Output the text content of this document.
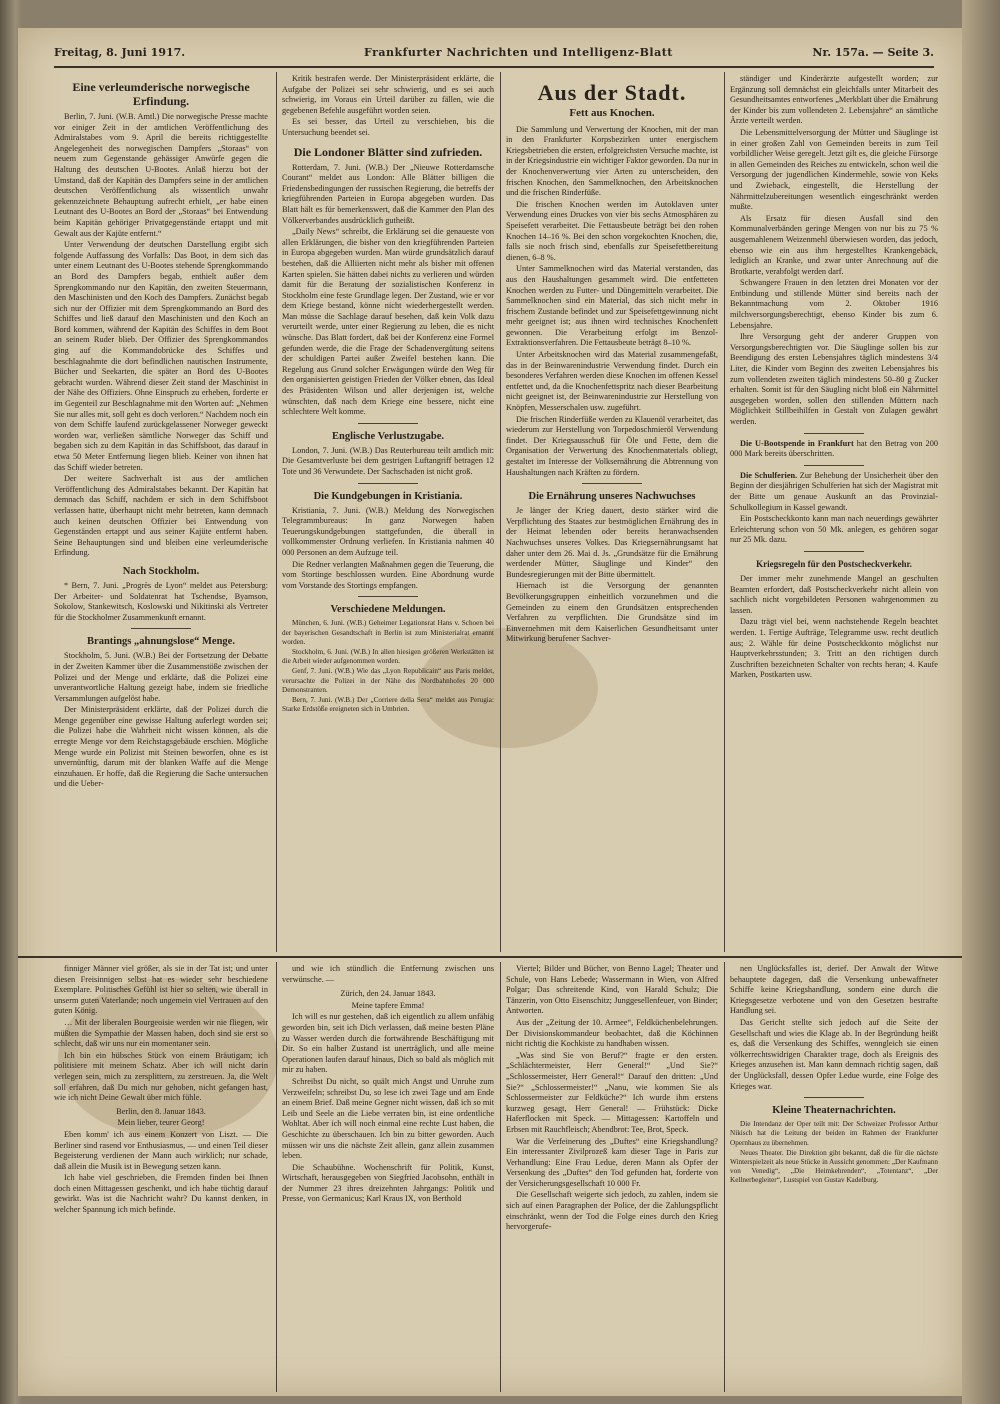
Freitag, 8. Juni 1917.	Frankfurter Nachrichten und Intelligenz-Blatt	Nr. 157a. — Seite 3.
Eine verleumderische norwegische Erfindung.

Berlin, 7. Juni. (W.B. Amtl.) Die norwegische Presse machte vor einiger Zeit in der amtlichen Veröffentlichung des Admiralstabes vom 9. April die bereits richtiggestellte Angelegenheit des norwegischen Dampfers „Storaas“ von neuem zum Gegenstande gehässiger Anwürfe gegen die Haltung des deutschen U-Bootes. Anlaß hierzu bot der Umstand, daß der Kapitän des Dampfers seine in der amtlichen deutschen Veröffentlichung als wissentlich unwahr gekennzeichnete Behauptung aufrecht erhielt, „er habe einen Leutnant des U-Bootes an Bord der „Storaas“ bei Entwendung beim Kapitän gehöriger Privatgegenstände ertappt und mit Gewalt aus der Kajüte entfernt.“

Unter Verwendung der deutschen Darstellung ergibt sich folgende Auffassung des Vorfalls: Das Boot, in dem sich das unter einem Leutnant des U-Bootes stehende Sprengkommando an Bord des Dampfers begab, enthielt außer dem Sprengkommando nur den Kapitän, den zweiten Steuermann, den Maschinisten und den Koch des Dampfers. Zunächst begab sich nur der Offizier mit dem Sprengkommando an Bord des Schiffes und ließ darauf den Maschinisten und den Koch an Bord kommen, während der Kapitän des Schiffes in dem Boot an seinem Ruder blieb. Der Offizier des Sprengkommandos ging auf die Kommandobrücke des Schiffes und beschlagnahmte die dort befindlichen nautischen Instrumente, Bücher und Seekarten, die später an Bord des U-Bootes gebracht wurden. Während dieser Zeit stand der Maschinist in der Nähe des Offiziers. Ohne Einspruch zu erheben, forderte er im Gegenteil zur Beschlagnahme mit den Worten auf: „Nehmen Sie nur alles mit, soll geht es doch verloren.“ Nachdem noch ein von dem Schiffe laufend zurückgelassener Norweger geweckt worden war, verließen sämtliche Norweger das Schiff und begaben sich zu dem Kapitän in das Schiffsboot, das darauf in etwa 50 Meter Entfernung liegen blieb. Keiner von ihnen hat das Schiff wieder betreten.

Der weitere Sachverhalt ist aus der amtlichen Veröffentlichung des Admiralstabes bekannt. Der Kapitän hat demnach das Schiff, nachdem er sich in dem Schiffsboot verlassen hatte, überhaupt nicht mehr betreten, kann demnach auch keinen deutschen Offizier bei Entwendung von Gegenständen ertappt und aus seiner Kajüte entfernt haben. Seine Behauptungen sind und bleiben eine verleumderische Erfindung.

Nach Stockholm.

* Bern, 7. Juni. „Progrès de Lyon“ meldet aus Petersburg: Der Arbeiter- und Soldatenrat hat Tschendse, Byamson, Sokolow, Stankewitsch, Koslowski und Nikitinski als Vertreter für die Stockholmer Zusammenkunft ernannt.

Brantings „ahnungslose“ Menge.

Stockholm, 5. Juni. (W.B.) Bei der Fortsetzung der Debatte in der Zweiten Kammer über die Zusammenstöße zwischen der Polizei und der Menge und erklärte, daß die Polizei eine unverantwortliche Haltung gezeigt habe, indem sie friedliche Versammlungen aufgelöst habe.

Der Ministerpräsident erklärte, daß der Polizei durch die Menge gegenüber eine gewisse Haltung auferlegt worden sei; die Polizei habe die Wahrheit nicht wissen können, als die erregte Menge vor dem Reichstagsgebäude erschien. Mögliche Menge wurde ein Polizist mit Steinen beworfen, ohne es ist unvernünftig, darum mit der blanken Waffe auf die Menge einzuhauen. Er hoffe, daß die Regierung die Sache untersuchen und die Ueber-

Kritik bestrafen werde. Der Ministerpräsident erklärte, die Aufgabe der Polizei sei sehr schwierig, und es sei auch schwierig, im Voraus ein Urteil darüber zu fällen, wie die gegebenen Befehle ausgeführt worden seien.

Es sei besser, das Urteil zu verschieben, bis die Untersuchung beendet sei.

Die Londoner Blätter sind zufrieden.

Rotterdam, 7. Juni. (W.B.) Der „Nieuwe Rotterdamsche Courant“ meldet aus London: Alle Blätter billigen die Friedensbedingungen der russischen Regierung, die betreffs der kriegführenden Parteien in Europa abgegeben wurden. Das Blatt hält es für bemerkenswert, daß die Kammer den Plan des Völkerverbandes ausdrücklich gutheißt.

„Daily News“ schreibt, die Erklärung sei die genaueste von allen Erklärungen, die bisher von den kriegführenden Parteien in Europa abgegeben wurden. Man würde grundsätzlich darauf bestehen, daß die Alliierten nicht mehr als bisher mit offenen Karten spielen. Sie hätten dabei nichts zu verlieren und würden damit für die Beratung der sozialistischen Konferenz in Stockholm eine feste Grundlage legen. Der Zustand, wie er vor dem Kriege bestand, könne nicht wiederhergestellt werden. Man müsse die Sachlage darauf besehen, daß kein Volk dazu verurteilt werde, unter einer Regierung zu leben, die es nicht wünsche. Das Blatt fordert, daß bei der Konferenz eine Formel gefunden werde, die die Frage der Schadenvergütung seitens der schuldigen Partei außer Zweifel bestehen kann. Die Regelung aus Grund solcher Erwägungen würde den Weg für den organisierten geistigen Frieden der Völker ebnen, das Ideal des Präsidenten Wilson und aller derjenigen ist, welche wünschten, daß nach dem Kriege eine bessere, nicht eine schlechtere Welt komme.

Englische Verlustzugabe.

London, 7. Juni. (W.B.) Das Reuterbureau teilt amtlich mit: Die Gesamtverluste bei dem gestrigen Luftangriff betragen 12 Tote und 36 Verwundete. Der Sachschaden ist nicht groß.

Die Kundgebungen in Kristiania.

Kristiania, 7. Juni. (W.B.) Meldung des Norwegischen Telegrammbureaus: In ganz Norwegen haben Teuerungskundgebungen stattgefunden, die überall in vollkommenster Ordnung verliefen. In Kristiania nahmen 40 000 Personen an dem Aufzuge teil.

Die Redner verlangten Maßnahmen gegen die Teuerung, die vom Stortinge beschlossen wurden. Eine Abordnung wurde vom Vorstande des Stortings empfangen.

Verschiedene Meldungen.

München, 6. Juni. (W.B.) Geheimer Legationsrat Hans v. Schoen bei der bayerischen Gesandtschaft in Berlin ist zum Ministerialrat ernannt worden.

Stockholm, 6. Juni. (W.B.) In allen hiesigen größeren Werkstätten ist die Arbeit wieder aufgenommen worden.

Genf, 7. Juni. (W.B.) Wie das „Lyon Republicain“ aus Paris meldet, verursachte die Polizei in der Nähe des Nordbahnhofes 20 000 Demonstranten.

Bern, 7. Juni. (W.B.) Der „Corriere della Sera“ meldet aus Perugia: Starke Erdstöße ereigneten sich in Umbrien.

Aus der Stadt.
Fett aus Knochen.

Die Sammlung und Verwertung der Knochen, mit der man in den Frankfurter Korpsbezirken unter energischem Kriegsbetrieben die ersten, erfolgreichsten Versuche machte, ist in der Kriegsindustrie ein wichtiger Faktor geworden. Da nur in der Knochenverwertung vier Arten zu unterscheiden, den frischen Knochen, den Sammelknochen, den Arbeitsknochen und die frischen Rinderfüße.

Die frischen Knochen werden im Autoklaven unter Verwendung eines Druckes von vier bis sechs Atmosphären zu Speisefett verarbeitet. Die Fettausbeute beträgt bei den rohen Knochen 14–16 %. Bei den schon vorgekochten Knochen, die, falls sie noch frisch sind, ebenfalls zur Speisefettbereitung dienen, 6–8 %.

Unter Sammelknochen wird das Material verstanden, das aus den Haushaltungen gesammelt wird. Die entfetteten Knochen werden zu Futter- und Düngemitteln verarbeitet. Die Sammelknochen sind ein Material, das sich nicht mehr in frischem Zustande befindet und zur Speisefettgewinnung nicht mehr geeignet ist; aus ihnen wird technisches Knochenfett gewonnen. Die Verarbeitung erfolgt im Benzol-Extraktionsverfahren. Die Fettausbeute beträgt 8–10 %.

Unter Arbeitsknochen wird das Material zusammengefaßt, das in der Beinwarenindustrie Verwendung findet. Durch ein besonderes Verfahren werden diese Knochen im offenen Kessel entfettet und, da die Knochenfettspritz nach dieser Bearbeitung nicht geeignet ist, der Beinwarenindustrie zur Herstellung von Knöpfen, Messerschalen usw. zugeführt.

Die frischen Rinderfüße werden zu Klauenöl verarbeitet, das wiederum zur Herstellung von Torpedoschmieröl Verwendung findet. Der Kriegsausschuß für Öle und Fette, dem die Organisation der Verwertung des Knochenmaterials obliegt, gestaltet im Interesse der Volksernährung die Abtrennung von Haushaltungen nach Kräften zu fördern.

Die Ernährung unseres Nachwuchses

Je länger der Krieg dauert, desto stärker wird die Verpflichtung des Staates zur bestmöglichen Ernährung des in der Heimat lebenden oder bereits heranwachsenden Nachwuchses unseres Volkes. Das Kriegsernährungsamt hat daher unter dem 26. Mai d. Js. „Grundsätze für die Ernährung werdender Mütter, Säuglinge und Kinder“ den Bundesregierungen mit der Bitte übermittelt.

Hiernach ist die Versorgung der genannten Bevölkerungsgruppen einheitlich vorzunehmen und die Gemeinden zu einem den Grundsätzen entsprechenden Verfahren zu verpflichten. Die Grundsätze sind im Einvernehmen mit dem Kaiserlichen Gesundheitsamt unter Mitwirkung berufener Sachver-

ständiger und Kinderärzte aufgestellt worden; zur Ergänzung soll demnächst ein gleichfalls unter Mitarbeit des Gesundheitsamtes entworfenes „Merkblatt über die Ernährung der Kinder bis zum vollendeten 2. Lebensjahre“ an sämtliche Ärzte verteilt werden.

Die Lebensmittelversorgung der Mütter und Säuglinge ist in einer großen Zahl von Gemeinden bereits in zum Teil vorbildlicher Weise geregelt. Jetzt gilt es, die gleiche Fürsorge in allen Gemeinden des Reiches zu entwickeln, schon weil die Versorgung der jugendlichen Kindermehle, sowie von Keks und Zwieback, eingestellt, die Herstellung der Nährmittelzubereitungen wesentlich eingeschränkt werden mußte.

Als Ersatz für diesen Ausfall sind den Kommunalverbänden geringe Mengen von nur bis zu 75 % ausgemahlenem Weizenmehl überwiesen worden, das jedoch, ebenso wie ein aus ihm hergestelltes Krankengebäck, lediglich an Kranke, und zwar unter Anrechnung auf die Brotkarte, verabfolgt werden darf.

Schwangere Frauen in den letzten drei Monaten vor der Entbindung und stillende Mütter sind bereits nach der Bekanntmachung vom 2. Oktober 1916 milchversorgungsberechtigt, ebenso Kinder bis zum 6. Lebensjahre.

Ihre Versorgung geht der anderer Gruppen von Versorgungsberechtigten vor. Die Säuglinge sollen bis zur Beendigung des ersten Lebensjahres täglich mindestens 3/4 Liter, die Kinder vom Beginn des zweiten Lebensjahres bis zum vollendeten zweiten täglich mindestens 50–80 g Zucker erhalten. Somit ist für den Säugling nicht bloß ein Nährmittel ausgegeben worden, sollen den stillenden Müttern nach Möglichkeit Stillbeihilfen in Gestalt von Zulagen gewährt werden.

Die U-Bootspende in Frankfurt hat den Betrag von 200 000 Mark bereits überschritten.

Die Schulferien. Zur Behebung der Unsicherheit über den Beginn der diesjährigen Schulferien hat sich der Magistrat mit der Bitte um genaue Auskunft an das Provinzial-Schulkollegium in Kassel gewandt.

Ein Postscheckkonto kann man nach neuerdings gewährter Erleichterung schon von 50 Mk. anlegen, es gehören sogar nur 25 Mk. dazu.

Kriegsregeln für den Postscheckverkehr.

Der immer mehr zunehmende Mangel an geschulten Beamten erfordert, daß Postscheckverkehr nicht allein von sachlich nicht vorgebildeten Personen wahrgenommen zu lassen.

Dazu trägt viel bei, wenn nachstehende Regeln beachtet werden. 1. Fertige Aufträge, Telegramme usw. recht deutlich aus; 2. Wähle für deine Postscheckkonto möglichst nur Hauptverkehrsstunden; 3. Tritt an den richtigen durch Zuschriften bezeichneten Schalter von rechts heran; 4. Kaufe Marken, Postkarten usw.

finniger Männer viel größer, als sie in der Tat ist; und unter diesen Freisinnigen selbst hat es wieder sehr beschiedene Exemplare. Politisches Gefühl ist hier so selten, wie überall in unserm guten Vaterlande; noch ungemein viel Vertrauen auf den guten König.

… Mit der liberalen Bourgeoisie werden wir nie fliegen, wir müßten die Sympathie der Massen haben, doch sind sie erst so schlecht, daß wir uns nur ein momentaner sein.

Ich bin ein hübsches Stück von einem Bräutigam; ich politisiere mit meinem Schatz. Aber ich will nicht darin verlegen sein, mich zu zersplittern, zu zerstreuen. Ja, die Welt soll erfahren, daß Du mich nur gehoben, nicht gefangen hast, wie ich nicht Deine Gewalt über mich fühle.

Berlin, den 8. Januar 1843.

Mein lieber, teurer Georg!

Eben komm' ich aus einem Konzert von Liszt. — Die Berliner sind rasend vor Enthusiasmus, — und einen Teil dieser Begeisterung verdienen der Mann auch wirklich; nur schade, daß allein die Musik ist in Bewegung setzen kann.

Ich habe viel geschrieben, die Fremden finden bei Ihnen doch einen Mittagessen geschenkt, und ich habe tüchtig darauf gewirkt. Was ist die Nachricht wahr? Du kannst denken, in welcher Spannung ich mich befinde.

und wie ich stündlich die Entfernung zwischen uns verwünsche. —

Zürich, den 24. Januar 1843.

Meine tapfere Emma!

Ich will es nur gestehen, daß ich eigentlich zu allem unfähig geworden bin, seit ich Dich verlassen, daß meine besten Pläne zu Wasser werden durch die fortwährende Beschäftigung mit Dir. So ein halber Zustand ist unerträglich, und alle meine Operationen laufen darauf hinaus, Dich so bald als möglich mit mir zu haben.

Schreibst Du nicht, so quält mich Angst und Unruhe zum Verzweifeln; schreibst Du, so lese ich zwei Tage und am Ende an einem Brief. Daß meine Gegner nicht wissen, daß ich so mit Leib und Seele an die Liebe verraten bin, ist eine ordentliche Wohltat. Aber ich will noch einmal eine rechte Lust haben, die Geschichte zu überschauen. Ich bin zu bitter geworden. Auch müssen wir uns die nächste Zeit allein, ganz allein zusammen leben.

Die Schaubühne. Wochenschrift für Politik, Kunst, Wirtschaft, herausgegeben von Siegfried Jacobsohn, enthält in der Nummer 23 ihres dreizehnten Jahrgangs: Politik und Presse, von Germanicus; Karl Kraus IX, von Berthold

Viertel; Bilder und Bücher, von Benno Lagel; Theater und Schule, von Hans Lebede; Wassermann in Wien, von Alfred Polgar; Das schreitende Kind, von Harald Schulz; Die Tänzerin, von Otto Eisenschitz; Junggesellenfeuer, von Binder; Antworten.

Aus der „Zeitung der 10. Armee“, Feldküchenbelehrungen. Der Divisionskommandeur beobachtet, daß die Köchinnen nicht richtig die Kochkiste zu handhaben wissen.

„Was sind Sie von Beruf?“ fragte er den ersten. „Schlächtermeister, Herr General!“ „Und Sie?“ „Schlossermeister, Herr General!“ Darauf den dritten: „Und Sie?“ „Schlossermeister!“ „Nanu, wie kommen Sie als Schlossermeister zur Feldküche?“ Ich wurde ihm erstens kurzweg gesagt, Herr General! — Frühstück: Dicke Haferflocken mit Speck. — Mittagessen: Kartoffeln und Erbsen mit Rauchfleisch; Abendbrot: Tee, Brot, Speck.

War die Verfeinerung des „Duftes“ eine Kriegshandlung? Ein interessanter Zivilprozeß kam dieser Tage in Paris zur Verhandlung: Eine Frau Ledue, deren Mann als Opfer der Versenkung des „Duftes“ den Tod gefunden hat, forderte von der Versicherungsgesellschaft 10 000 Fr.

Die Gesellschaft weigerte sich jedoch, zu zahlen, indem sie sich auf einen Paragraphen der Police, der die Zahlungspflicht einschränkt, wenn der Tod die Folge eines durch den Krieg hervorgerufe-

nen Unglücksfalles ist, derief. Der Anwalt der Witwe behauptete dagegen, daß die Versenkung unbewaffneter Schiffe keine Kriegshandlung, sondern eine durch die Kriegsgesetze verbotene und von den Gesetzen bestrafte Handlung sei.

Das Gericht stellte sich jedoch auf die Seite der Gesellschaft und wies die Klage ab. In der Begründung heißt es, daß die Versenkung des Schiffes, wenngleich sie einen völkerrechtswidrigen Charakter trage, doch als Ereignis des Krieges anzusehen ist. Man kann demnach richtig sagen, daß der Unglücksfall, dessen Opfer Ledue wurde, eine Folge des Krieges war.

Kleine Theaternachrichten.

Die Intendanz der Oper teilt mit: Der Schweizer Professor Arthur Nikisch hat die Leitung der beiden im Rahmen der Frankfurter Opernhaus zu übernehmen.

Neues Theater. Die Direktion gibt bekannt, daß die für die nächste Winterspielzeit als neue Stücke in Aussicht genommen: „Der Kaufmann von Venedig“, „Die Heimkehrenden“, „Totentanz“, „Der Kellnerbegleiter“, Lustspiel von Gustav Kadelburg.
